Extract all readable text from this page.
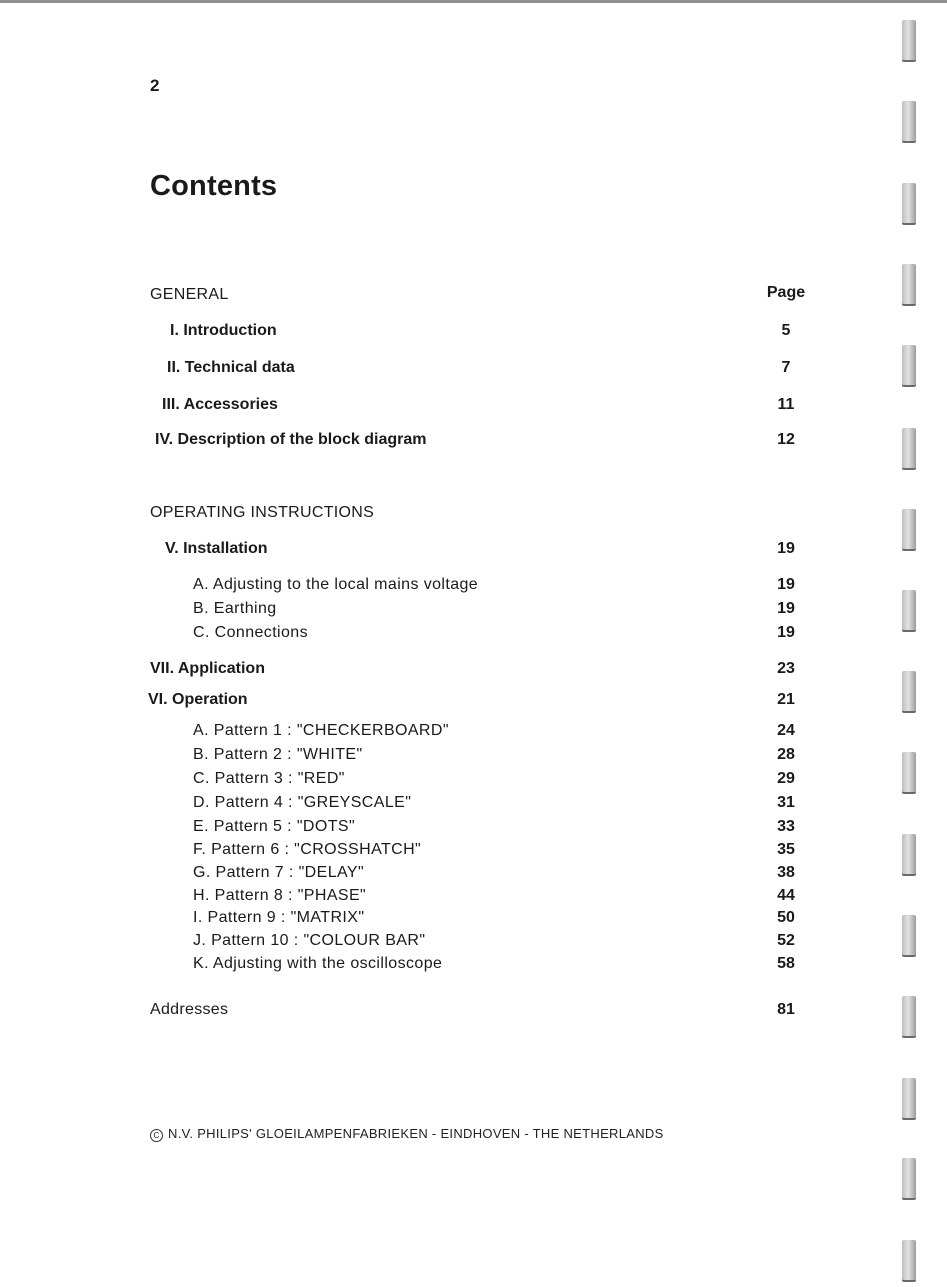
2
Contents
Page
GENERAL
I. Introduction	5
II. Technical data	7
III. Accessories	11
IV. Description of the block diagram	12
OPERATING INSTRUCTIONS
V. Installation	19
A. Adjusting to the local mains voltage	19
B. Earthing	19
C. Connections	19
VII. Application	23
VI. Operation	21
A. Pattern 1 : "CHECKERBOARD"	24
B. Pattern 2 : "WHITE"	28
C. Pattern 3 : "RED"	29
D. Pattern 4 : "GREYSCALE"	31
E. Pattern 5 : "DOTS"	33
F. Pattern 6 : "CROSSHATCH"	35
G. Pattern 7 : "DELAY"	38
H. Pattern 8 : "PHASE"	44
I. Pattern 9 : "MATRIX"	50
J. Pattern 10 : "COLOUR BAR"	52
K. Adjusting with the oscilloscope	58
Addresses	81
C N.V. PHILIPS' GLOEILAMPENFABRIEKEN - EINDHOVEN - THE NETHERLANDS
